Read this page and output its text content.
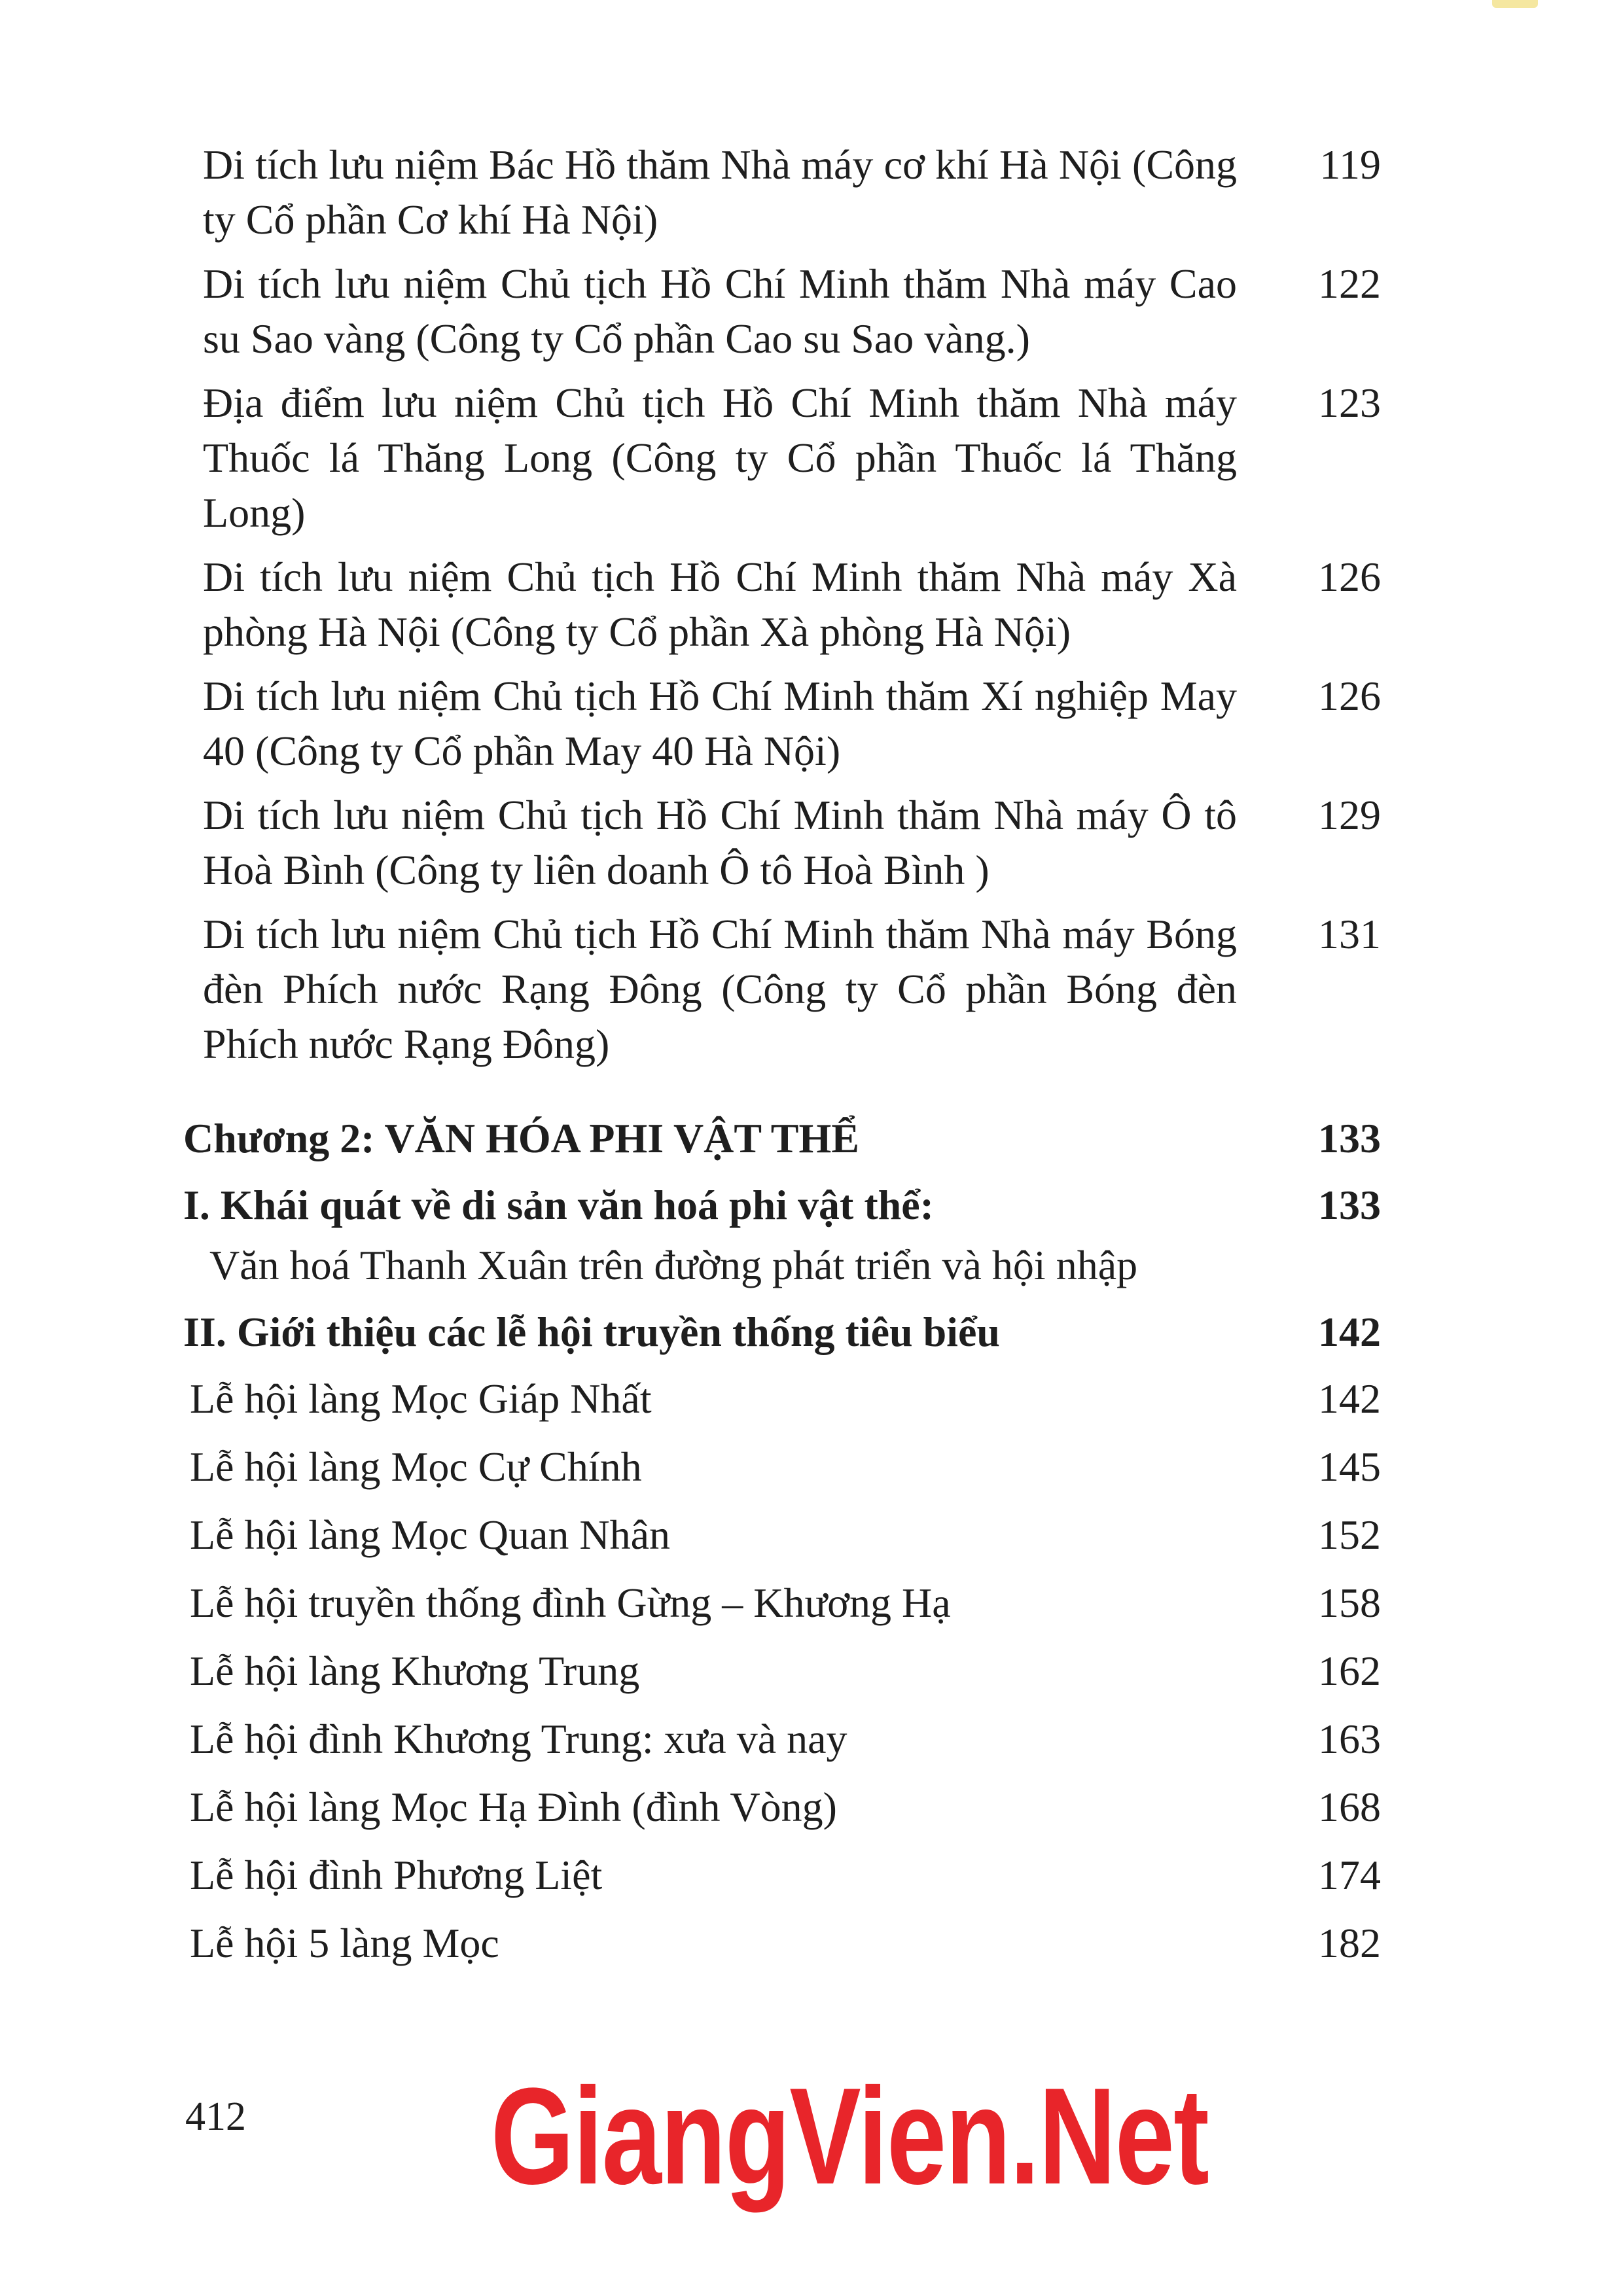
Di tích lưu niệm Bác Hồ thăm Nhà máy cơ khí Hà Nội (Công ty Cổ phần Cơ khí Hà Nội)
119
Di tích lưu niệm Chủ tịch Hồ Chí Minh thăm Nhà máy Cao su Sao vàng (Công ty Cổ phần Cao su Sao vàng.)
122
Địa điểm lưu niệm Chủ tịch Hồ Chí Minh thăm Nhà máy Thuốc lá Thăng Long (Công ty Cổ phần Thuốc lá Thăng Long)
123
Di tích lưu niệm Chủ tịch Hồ Chí Minh thăm Nhà máy Xà phòng Hà Nội (Công ty Cổ phần Xà phòng Hà Nội)
126
Di tích lưu niệm Chủ tịch Hồ Chí Minh thăm Xí nghiệp May 40 (Công ty Cổ phần May 40 Hà Nội)
126
Di tích lưu niệm Chủ tịch Hồ Chí Minh thăm Nhà máy Ô tô Hoà Bình (Công ty liên doanh Ô tô Hoà Bình )
129
Di tích lưu niệm Chủ tịch Hồ Chí Minh thăm Nhà máy Bóng đèn Phích nước Rạng Đông (Công ty Cổ phần Bóng đèn Phích nước Rạng Đông)
131
Chương 2: VĂN HÓA PHI VẬT THỂ	133
I. Khái quát về di sản văn hoá phi vật thể:	133
Văn hoá Thanh Xuân trên đường phát triển và hội nhập
II. Giới thiệu các lễ hội truyền thống tiêu biểu	142
Lễ hội làng Mọc Giáp Nhất	142
Lễ hội làng Mọc Cự Chính	145
Lễ hội làng Mọc Quan Nhân	152
Lễ hội truyền thống đình Gừng – Khương Hạ	158
Lễ hội làng Khương Trung	162
Lễ hội đình Khương Trung: xưa và nay	163
Lễ hội làng Mọc Hạ Đình (đình Vòng)	168
Lễ hội đình Phương Liệt	174
Lễ hội 5 làng Mọc	182
412 GiangVien.Net
